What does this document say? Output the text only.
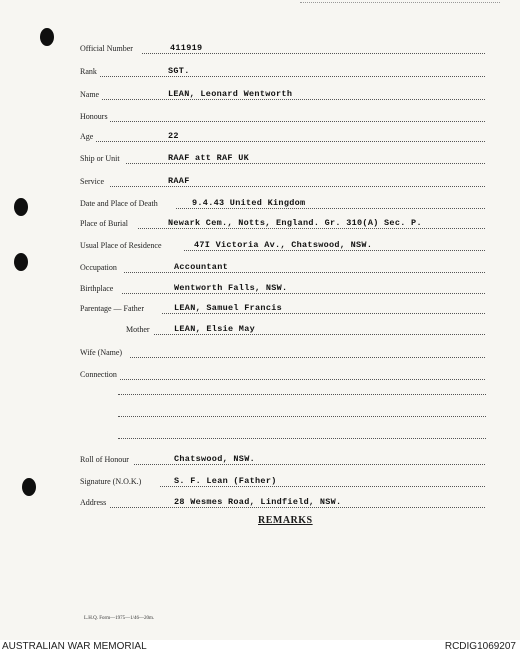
Official Number	411919
Rank	SGT.
Name	LEAN, Leonard Wentworth
Honours
Age	22
Ship or Unit	RAAF att RAF UK
Service	RAAF
Date and Place of Death	9.4.43 United Kingdom
Place of Burial	Newark Cem., Notts, England. Gr. 310(A) Sec. P.
Usual Place of Residence	47I Victoria Av., Chatswood, NSW.
Occupation	Accountant
Birthplace	Wentworth Falls, NSW.
Parentage — Father	LEAN, Samuel Francis
Mother	LEAN, Elsie May
Wife (Name)
Connection
Roll of Honour	Chatswood, NSW.
Signature (N.O.K.)	S. F. Lean (Father)
Address	28 Wesmes Road, Lindfield, NSW.
REMARKS
L.H.Q. Form—1975—1/46—20m.
AUSTRALIAN WAR MEMORIAL	RCDIG1069207
